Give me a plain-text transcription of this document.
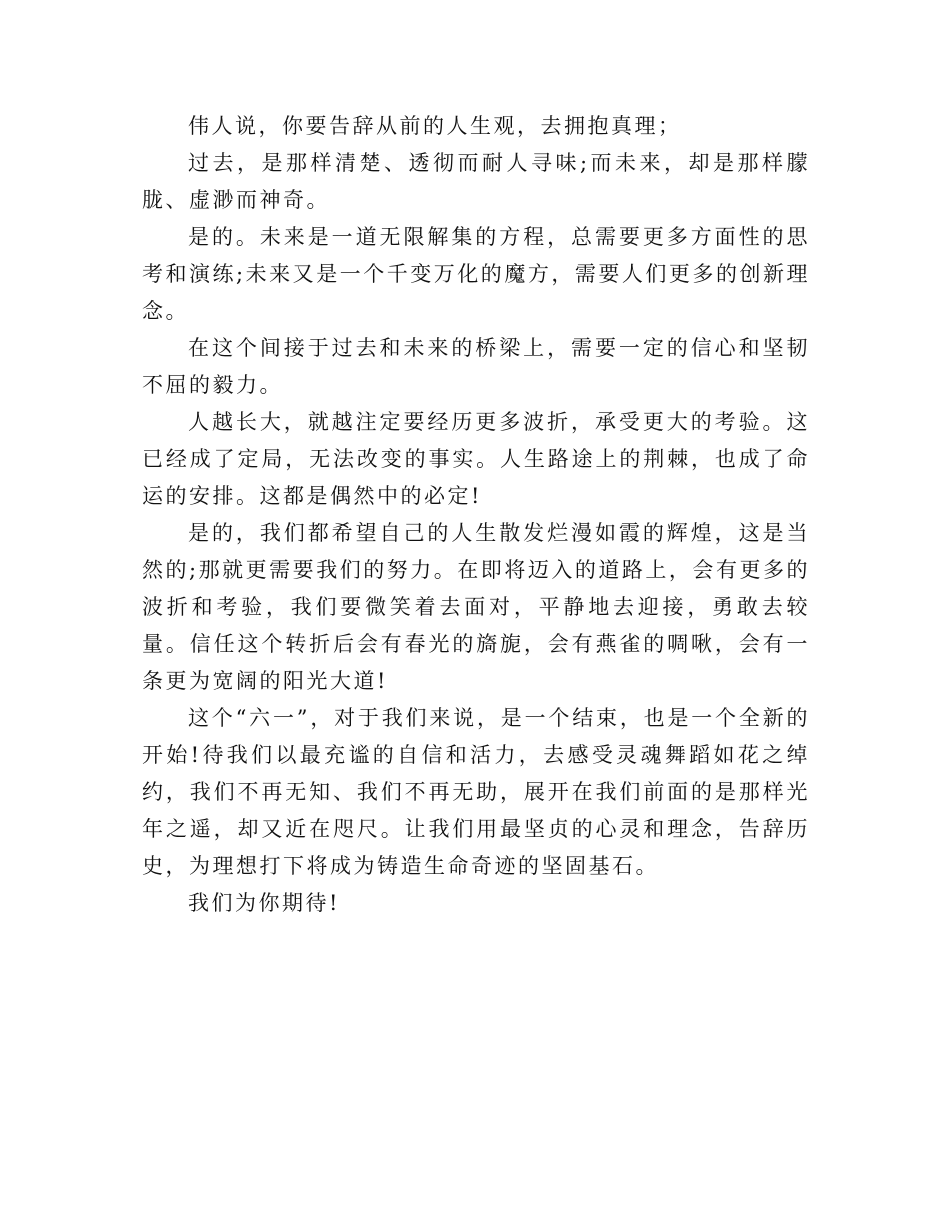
伟人说，你要告辞从前的人生观，去拥抱真理；

过去，是那样清楚、透彻而耐人寻味;而未来，却是那样朦胧、虚渺而神奇。

是的。未来是一道无限解集的方程，总需要更多方面性的思考和演练;未来又是一个千变万化的魔方，需要人们更多的创新理念。

在这个间接于过去和未来的桥梁上，需要一定的信心和坚韧不屈的毅力。

人越长大，就越注定要经历更多波折，承受更大的考验。这已经成了定局，无法改变的事实。人生路途上的荆棘，也成了命运的安排。这都是偶然中的必定!

是的，我们都希望自己的人生散发烂漫如霞的辉煌，这是当然的;那就更需要我们的努力。在即将迈入的道路上，会有更多的波折和考验，我们要微笑着去面对，平静地去迎接，勇敢去较量。信任这个转折后会有春光的旖旎，会有燕雀的啁啾，会有一条更为宽阔的阳光大道!

这个“六一”，对于我们来说，是一个结束，也是一个全新的开始!待我们以最充谧的自信和活力，去感受灵魂舞蹈如花之绰约，我们不再无知、我们不再无助，展开在我们前面的是那样光年之遥，却又近在咫尺。让我们用最坚贞的心灵和理念，告辞历史，为理想打下将成为铸造生命奇迹的坚固基石。

我们为你期待!
